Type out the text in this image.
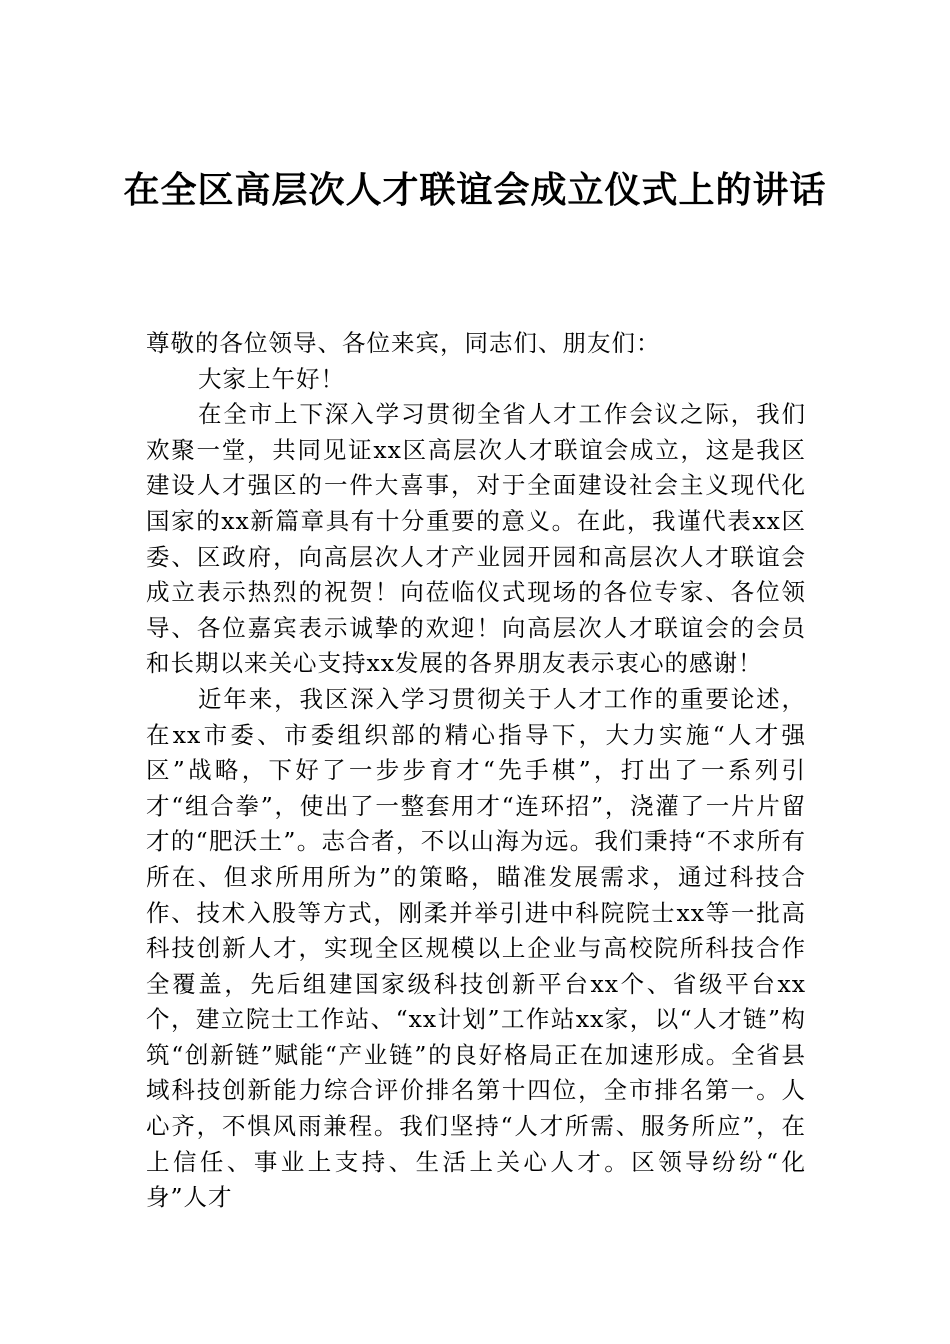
在全区高层次人才联谊会成立仪式上的讲话

尊敬的各位领导、各位来宾，同志们、朋友们：

大家上午好！

在全市上下深入学习贯彻全省人才工作会议之际，我们欢聚一堂，共同见证xx区高层次人才联谊会成立，这是我区建设人才强区的一件大喜事，对于全面建设社会主义现代化国家的xx新篇章具有十分重要的意义。在此，我谨代表xx区委、区政府，向高层次人才产业园开园和高层次人才联谊会成立表示热烈的祝贺！向莅临仪式现场的各位专家、各位领导、各位嘉宾表示诚挚的欢迎！向高层次人才联谊会的会员和长期以来关心支持xx发展的各界朋友表示衷心的感谢！

近年来，我区深入学习贯彻关于人才工作的重要论述，在xx市委、市委组织部的精心指导下，大力实施“人才强区”战略，下好了一步步育才“先手棋”，打出了一系列引才“组合拳”，使出了一整套用才“连环招”，浇灌了一片片留才的“肥沃土”。志合者，不以山海为远。我们秉持“不求所有所在、但求所用所为”的策略，瞄准发展需求，通过科技合作、技术入股等方式，刚柔并举引进中科院院士xx等一批高科技创新人才，实现全区规模以上企业与高校院所科技合作全覆盖，先后组建国家级科技创新平台xx个、省级平台xx个，建立院士工作站、“xx计划”工作站xx家，以“人才链”构筑“创新链”赋能“产业链”的良好格局正在加速形成。全省县域科技创新能力综合评价排名第十四位，全市排名第一。人心齐，不惧风雨兼程。我们坚持“人才所需、服务所应”，在上信任、事业上支持、生活上关心人才。区领导纷纷“化身”人才
